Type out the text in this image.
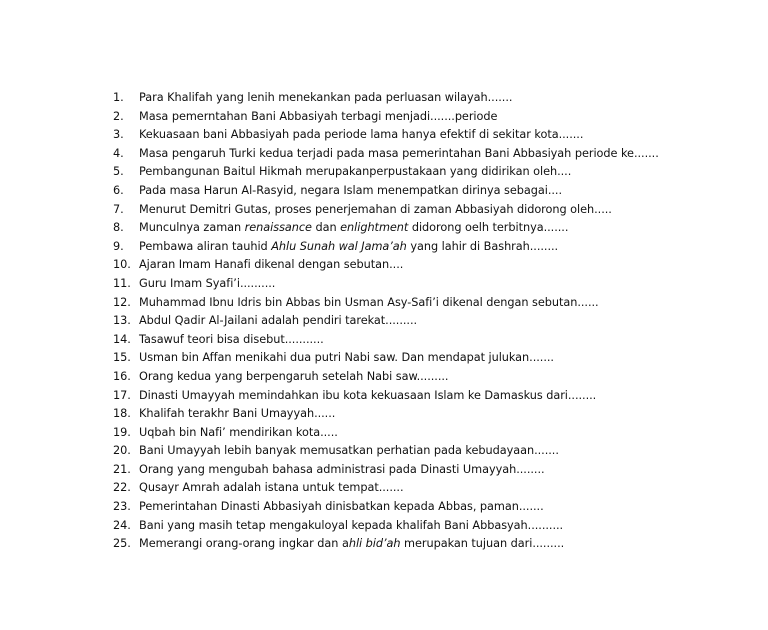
1.	Para Khalifah yang lenih menekankan pada perluasan wilayah.......
2.	Masa pemerntahan Bani Abbasiyah terbagi menjadi.......periode
3.	Kekuasaan bani Abbasiyah pada periode lama hanya efektif di sekitar kota.......
4.	Masa pengaruh Turki kedua terjadi pada masa pemerintahan Bani Abbasiyah periode ke.......
5.	Pembangunan Baitul Hikmah merupakanperpustakaan yang didirikan oleh....
6.	Pada masa Harun Al-Rasyid, negara Islam menempatkan dirinya sebagai....
7.	Menurut Demitri Gutas, proses penerjemahan di zaman Abbasiyah didorong oleh.....
8.	Munculnya zaman renaissance dan enlightment didorong oelh terbitnya.......
9.	Pembawa aliran tauhid Ahlu Sunah wal Jama’ah yang lahir di Bashrah........
10. Ajaran Imam Hanafi dikenal dengan sebutan....
11. Guru Imam Syafi’i..........
12. Muhammad Ibnu Idris bin Abbas bin Usman Asy-Safi’i dikenal dengan sebutan......
13. Abdul Qadir Al-Jailani adalah pendiri tarekat.........
14. Tasawuf teori bisa disebut...........
15. Usman bin Affan menikahi dua putri Nabi saw. Dan mendapat julukan.......
16. Orang kedua yang berpengaruh setelah Nabi saw.........
17. Dinasti Umayyah memindahkan ibu kota kekuasaan Islam ke Damaskus dari........
18. Khalifah terakhr Bani Umayyah......
19. Uqbah bin Nafi’ mendirikan kota.....
20. Bani Umayyah lebih banyak memusatkan perhatian pada kebudayaan.......
21. Orang yang mengubah bahasa administrasi pada Dinasti Umayyah........
22. Qusayr Amrah adalah istana untuk tempat.......
23. Pemerintahan Dinasti Abbasiyah dinisbatkan kepada Abbas, paman.......
24. Bani yang masih tetap mengakuloyal kepada khalifah Bani Abbasyah..........
25. Memerangi orang-orang ingkar dan ahli bid’ah merupakan tujuan dari.........
